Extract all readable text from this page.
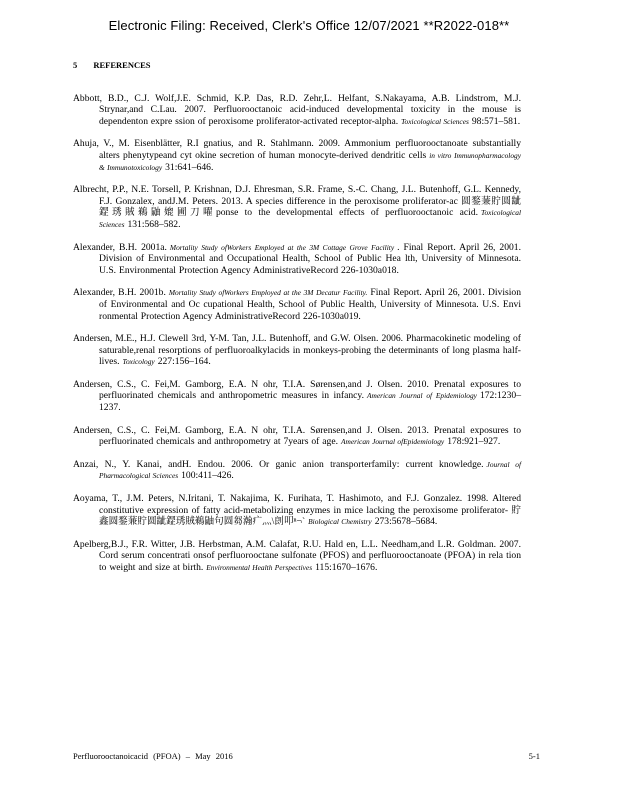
Electronic Filing: Received, Clerk's Office 12/07/2021 **R2022-018**
5 REFERENCES

Abbott, B.D., C.J. Wolf,J.E. Schmid, K.P. Das, R.D. Zehr,L. Helfant, S.Nakayama, A.B. Lindstrom, M.J. Strynar,and C.Lau. 2007. Perfluorooctanoic acid-induced developmental toxicity in the mouse is dependenton expre ssion of peroxisome proliferator-activated receptor-alpha. Toxicological Sciences 98:571–581.

Ahuja, V., M. Eisenblätter, R.I gnatius, and R. Stahlmann. 2009. Ammonium perfluorooctanoate substantially alters phenytypeand cyt okine secretion of human monocyte-derived dendritic cells in vitro Immunopharmacology & Immunotoxicology 31:641–646.

Albrecht, P.P., N.E. Torsell, P. Krishnan, D.J. Ehresman, S.R. Frame, S.-C. Chang, J.L. Butenhoff, G.L. Kennedy, F.J. Gonzalex, andJ.M. Peters. 2013. A species difference in the peroxisome proliferator-ac 圆鍪蒹貯圆龇鎠琇賊鵜鼬媲圃刀嚁ponse to the developmental effects of perfluorooctanoic acid. Toxicological Sciences 131:568–582.

Alexander, B.H. 2001a. Mortality Study ofWorkers Employed at the 3M Cottage Grove Facility . Final Report. April 26, 2001. Division of Environmental and Occupational Health, School of Public Hea lth, University of Minnesota. U.S. Environmental Protection Agency AdministrativeRecord 226-1030a018.

Alexander, B.H. 2001b. Mortality Study ofWorkers Employed at the 3M Decatur Facility. Final Report. April 26, 2001. Division of Environmental and Oc cupational Health, School of Public Health, University of Minnesota. U.S. Envi ronmental Protection Agency AdministrativeRecord 226-1030a019.

Andersen, M.E., H.J. Clewell 3rd, Y-M. Tan, J.L. Butenhoff, and G.W. Olsen. 2006. Pharmacokinetic modeling of saturable,renal resorptions of perfluoroalkylacids in monkeys-probing the determinants of long plasma half-lives. Toxicology 227:156–164.

Andersen, C.S., C. Fei,M. Gamborg, E.A. N ohr, T.I.A. Sørensen,and J. Olsen. 2010. Prenatal exposures to perfluorinated chemicals and anthropometric measures in infancy. American Journal of Epidemiology 172:1230–1237.

Andersen, C.S., C. Fei,M. Gamborg, E.A. N ohr, T.I.A. Sørensen,and J. Olsen. 2013. Prenatal exposures to perfluorinated chemicals and anthropometry at 7years of age. American Journal ofEpidemiology 178:921–927.

Anzai, N., Y. Kanai, andH. Endou. 2006. Or ganic anion transporterfamily: current knowledge. Journal of Pharmacological Sciences 100:411–426.

Aoyama, T., J.M. Peters, N.Iritani, T. Nakajima, K. Furihata, T. Hashimoto, and F.J. Gonzalez. 1998. Altered constitutive expression of fatty acid-metabolizing enzymes in mice lacking the peroxisome proliferator- 貯鑫圆鍪蒹貯圆龇鎠琇賊鵜鼬句圆芻瀚疒灬\剆叩ⁿ¬` Biological Chemistry 273:5678–5684.

Apelberg,B.J., F.R. Witter, J.B. Herbstman, A.M. Calafat, R.U. Hald en, L.L. Needham,and L.R. Goldman. 2007. Cord serum concentrati onsof perfluorooctane sulfonate (PFOS) and perfluorooctanoate (PFOA) in rela tion to weight and size at birth. Environmental Health Perspectives 115:1670–1676.

Perfluorooctanoicacid (PFOA) – May 2016	5-1
